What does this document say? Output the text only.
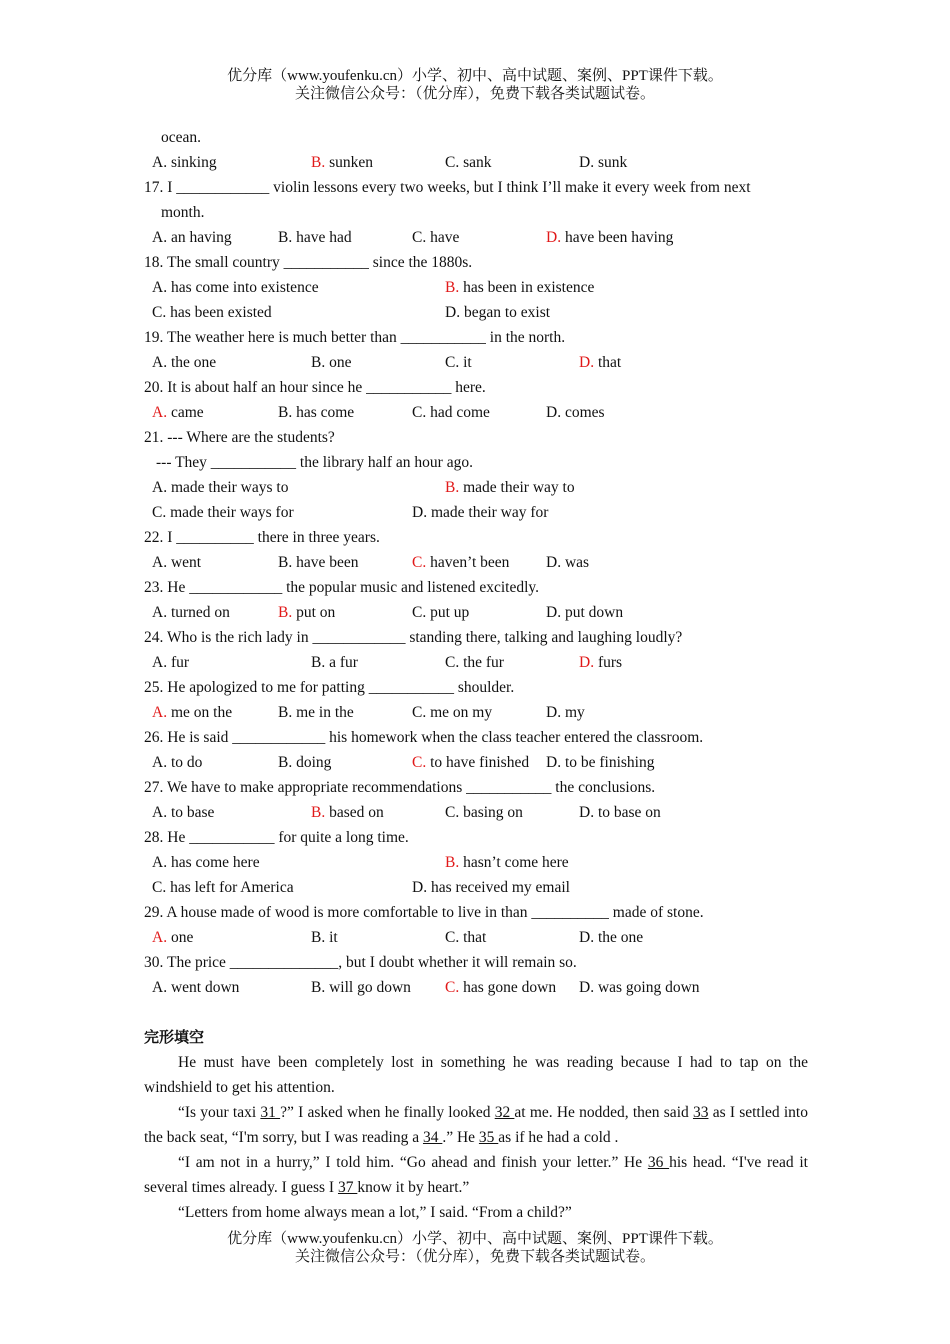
优分库（www.youfenku.cn）小学、初中、高中试题、案例、PPT课件下载。
关注微信公众号：（优分库），免费下载各类试题试卷。
ocean.
A. sinking	B. sunken	C. sank	D. sunk
17. I ____________ violin lessons every two weeks, but I think I’ll make it every week from next
month.
A. an having	B. have had	C. have	D. have been having
18. The small country ___________ since the 1880s.
A. has come into existence	B. has been in existence
C. has been existed	D. began to exist
19. The weather here is much better than ___________ in the north.
A. the one	B. one	C. it	D. that
20. It is about half an hour since he ___________ here.
A. came	B. has come	C. had come	D. comes
21. --- Where are the students?
--- They ___________ the library half an hour ago.
A. made their ways to	B. made their way to
C. made their ways for	D. made their way for
22. I __________ there in three years.
A. went	B. have been	C. haven’t been D. was
23. He ____________ the popular music and listened excitedly.
A. turned on	B. put on	C. put up	D. put down
24. Who is the rich lady in ____________ standing there, talking and laughing loudly?
A. fur	B. a fur	C. the fur	D. furs
25. He apologized to me for patting ___________ shoulder.
A. me on the	B. me in the	C. me on my	D. my
26. He is said ____________ his homework when the class teacher entered the classroom.
A. to do	B. doing	C. to have finished D. to be finishing
27. We have to make appropriate recommendations ___________ the conclusions.
A. to base	B. based on	C. basing on	D. to base on
28. He ___________ for quite a long time.
A. has come here	B. hasn’t come here
C. has left for America	D. has received my email
29. A house made of wood is more comfortable to live in than __________ made of stone.
A. one	B. it	C. that	D. the one
30. The price ______________, but I doubt whether it will remain so.
A. went down	B. will go down C. has gone down D. was going down
完形填空

He must have been completely lost in something he was reading because I had to tap on the windshield to get his attention.

“Is your taxi 31 ?” I asked when he finally looked 32 at me. He nodded, then said 33 as I settled into the back seat, “I'm sorry, but I was reading a 34 .” He 35 as if he had a cold .

“I am not in a hurry,” I told him. “Go ahead and finish your letter.” He 36 his head. “I've read it several times already. I guess I 37 know it by heart.”

“Letters from home always mean a lot,” I said. “From a child?”

优分库（www.youfenku.cn）小学、初中、高中试题、案例、PPT课件下载。
关注微信公众号：（优分库），免费下载各类试题试卷。
